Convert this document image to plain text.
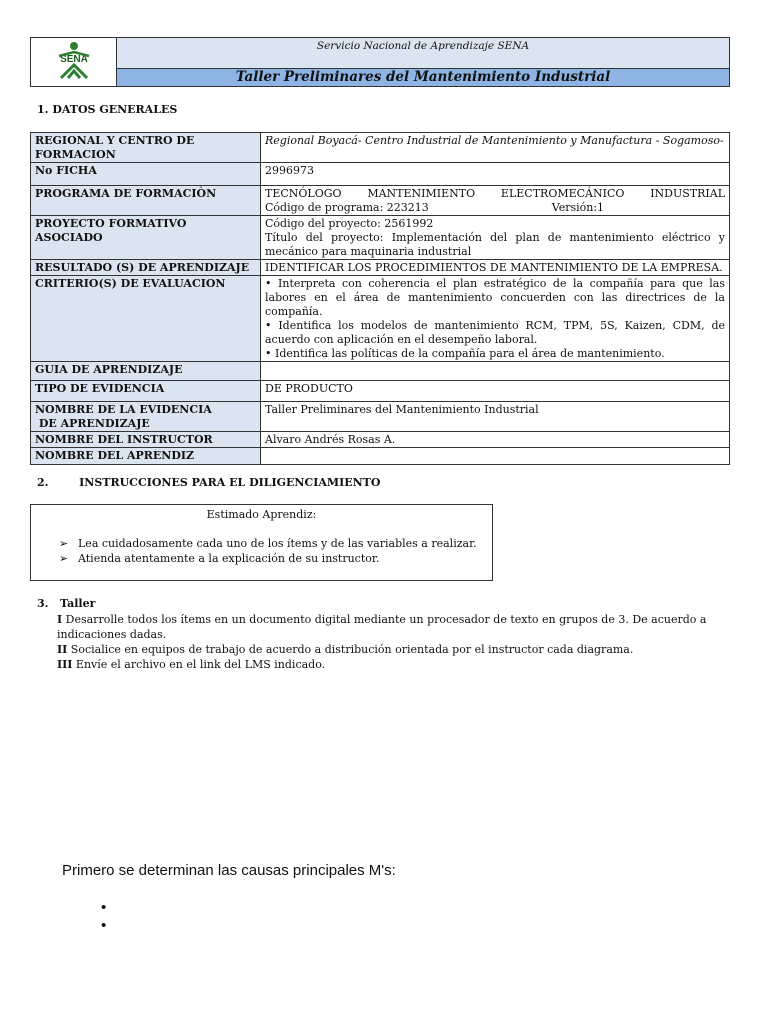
SENA
Servicio Nacional de Aprendizaje SENA
Taller Preliminares del Mantenimiento Industrial
1. DATOS GENERALES
REGIONAL Y CENTRO DE FORMACION	Regional Boyacá- Centro Industrial de Mantenimiento y Manufactura - Sogamoso-
No FICHA	2996973
PROGRAMA DE FORMACIÒN	TECNÓLOGO MANTENIMIENTO ELECTROMECÁNICO INDUSTRIAL
Código de programa: 223213 Versión:1

PROYECTO FORMATIVO ASOCIADO	Código del proyecto: 2561992
Título del proyecto: Implementación del plan de mantenimiento eléctrico y mecánico para maquinaria industrial

RESULTADO (S) DE APRENDIZAJE	IDENTIFICAR LOS PROCEDIMIENTOS DE MANTENIMIENTO DE LA EMPRESA.
CRITERIO(S) DE EVALUACION	• Interpreta con coherencia el plan estratégico de la compañía para que las labores en el área de mantenimiento concuerden con las directrices de la compañía.
• Identifica los modelos de mantenimiento RCM, TPM, 5S, Kaizen, CDM, de acuerdo con aplicación en el desempeño laboral.
• Identifica las políticas de la compañía para el área de mantenimiento.

GUIA DE APRENDIZAJE	
TIPO DE EVIDENCIA	DE PRODUCTO

NOMBRE DE LA EVIDENCIA
DE APRENDIZAJE	Taller Preliminares del Mantenimiento Industrial
NOMBRE DEL INSTRUCTOR	Alvaro Andrés Rosas A.
NOMBRE DEL APRENDIZ	
2.        INSTRUCCIONES PARA EL DILIGENCIAMIENTO
Estimado Aprendiz:
➢ Lea cuidadosamente cada uno de los ítems y de las variables a realizar.
➢ Atienda atentamente a la explicación de su instructor.
3.   Taller
I Desarrolle todos los ítems en un documento digital mediante un procesador de texto en grupos de 3. De acuerdo a indicaciones dadas.
II Socialice en equipos de trabajo de acuerdo a distribución orientada por el instructor cada diagrama.
III Envíe el archivo en el link del LMS indicado.
Primero se determinan las causas principales M's:
•
•
